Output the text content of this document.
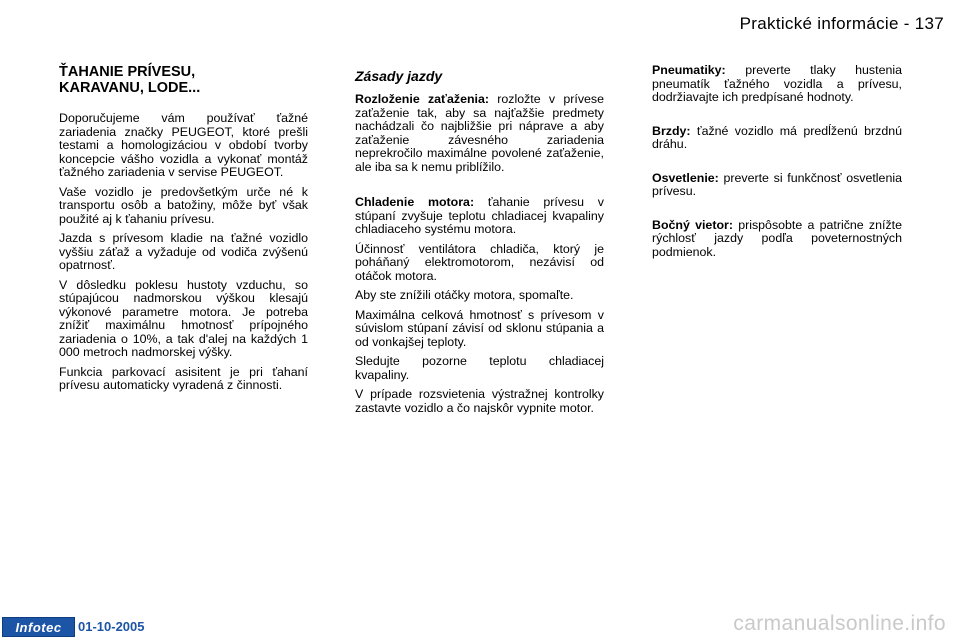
Praktické informácie - 137
ŤAHANIE PRÍVESU,
KARAVANU, LODE...

Doporučujeme vám používať ťažné zariadenia značky PEUGEOT, ktoré prešli testami a homologizáciou v období tvorby koncepcie vášho vozidla a vykonať montáž ťažného zariadenia v servise PEUGEOT.

Vaše vozidlo je predovšetkým urče né k transportu osôb a batožiny, môže byť však použité aj k ťahaniu prívesu.

Jazda s prívesom kladie na ťažné vozidlo vyššiu záťaž a vyžaduje od vodiča zvýšenú opatrnosť.

V dôsledku poklesu hustoty vzduchu, so stúpajúcou nadmorskou výškou klesajú výkonové parametre motora. Je potreba znížiť maximálnu hmotnosť prípojného zariadenia o 10%, a tak d'alej na každých 1 000 metroch nadmorskej výšky.

Funkcia parkovací asisitent je pri ťahaní prívesu automaticky vyradená z činnosti.

Zásady jazdy

Rozloženie zaťaženia: rozložte v prívese zaťaženie tak, aby sa najťažšie predmety nachádzali čo najbližšie pri náprave a aby zaťaženie závesného zariadenia neprekročilo maximálne povolené zaťaženie, ale iba sa k nemu priblížilo.

Chladenie motora: ťahanie prívesu v stúpaní zvyšuje teplotu chladiacej kvapaliny chladiaceho systému motora.

Účinnosť ventilátora chladiča, ktorý je poháňaný elektromotorom, nezávisí od otáčok motora.

Aby ste znížili otáčky motora, spomaľte.

Maximálna celková hmotnosť s prívesom v súvislom stúpaní závisí od sklonu stúpania a od vonkajšej teploty.

Sledujte pozorne teplotu chladiacej kvapaliny.

V prípade rozsvietenia výstražnej kontrolky zastavte vozidlo a čo najskôr vypnite motor.

Pneumatiky: preverte tlaky hustenia pneumatík ťažného vozidla a prívesu, dodržiavajte ich predpísané hodnoty.

Brzdy: ťažné vozidlo má predĺženú brzdnú dráhu.

Osvetlenie: preverte si funkčnosť osvetlenia prívesu.

Bočný vietor: prispôsobte a patrične znížte rýchlosť jazdy podľa poveternostných podmienok.

Infotec	01-10-2005	carmanualsonline.info
